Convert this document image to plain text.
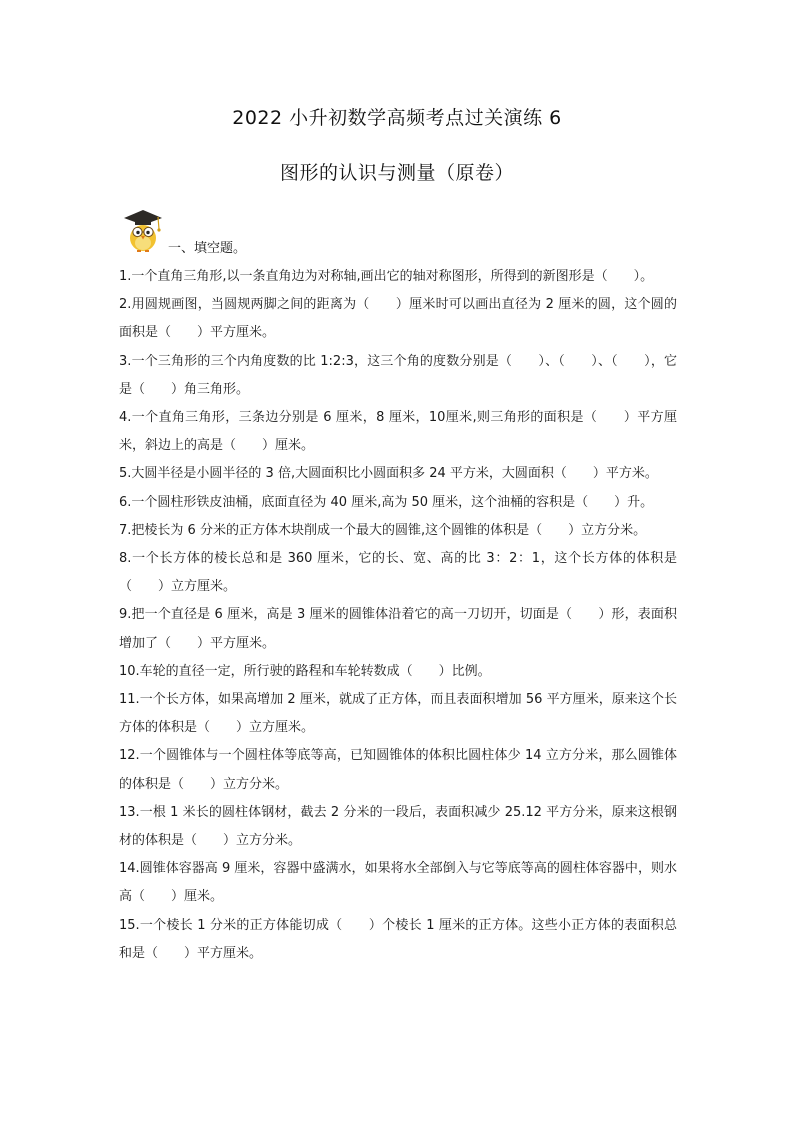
2022 小升初数学高频考点过关演练 6
图形的认识与测量（原卷）
一、填空题。

1.一个直角三角形,以一条直角边为对称轴,画出它的轴对称图形，所得到的新图形是（　　）。

2.用圆规画图，当圆规两脚之间的距离为（　　）厘米时可以画出直径为 2 厘米的圆，这个圆的面积是（　　）平方厘米。

3.一个三角形的三个内角度数的比 1:2:3，这三个角的度数分别是（　　）、（　　）、（　　），它是（　　）角三角形。

4.一个直角三角形，三条边分别是 6 厘米，8 厘米，10厘米,则三角形的面积是（　　）平方厘米，斜边上的高是（　　）厘米。

5.大圆半径是小圆半径的 3 倍,大圆面积比小圆面积多 24 平方米，大圆面积（　　）平方米。

6.一个圆柱形铁皮油桶，底面直径为 40 厘米,高为 50 厘米，这个油桶的容积是（　　）升。

7.把棱长为 6 分米的正方体木块削成一个最大的圆锥,这个圆锥的体积是（　　）立方分米。

8.一个长方体的棱长总和是 360 厘米，它的长、宽、高的比 3：2：1，这个长方体的体积是（　　）立方厘米。

9.把一个直径是 6 厘米，高是 3 厘米的圆锥体沿着它的高一刀切开，切面是（　　）形，表面积增加了（　　）平方厘米。

10.车轮的直径一定，所行驶的路程和车轮转数成（　　）比例。

11.一个长方体，如果高增加 2 厘米，就成了正方体，而且表面积增加 56 平方厘米，原来这个长方体的体积是（　　）立方厘米。

12.一个圆锥体与一个圆柱体等底等高，已知圆锥体的体积比圆柱体少 14 立方分米，那么圆锥体的体积是（　　）立方分米。

13.一根 1 米长的圆柱体钢材，截去 2 分米的一段后，表面积减少 25.12 平方分米，原来这根钢材的体积是（　　）立方分米。

14.圆锥体容器高 9 厘米，容器中盛满水，如果将水全部倒入与它等底等高的圆柱体容器中，则水高（　　）厘米。

15.一个棱长 1 分米的正方体能切成（　　）个棱长 1 厘米的正方体。这些小正方体的表面积总和是（　　）平方厘米。
